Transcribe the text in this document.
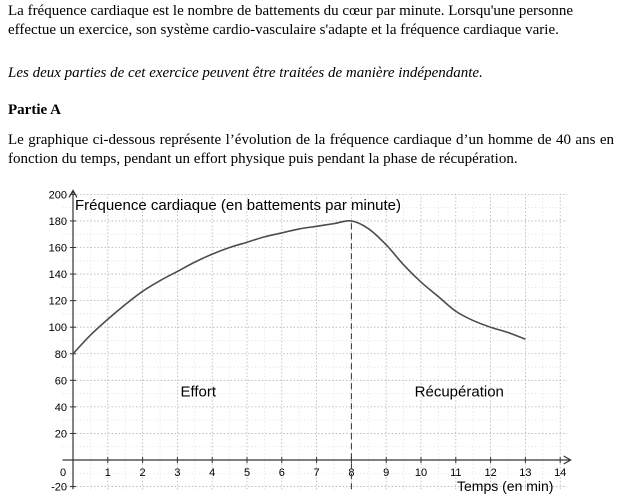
La fréquence cardiaque est le nombre de battements du cœur par minute. Lorsqu'une personne effectue un exercice, son système cardio-vasculaire s'adapte et la fréquence cardiaque varie.
Les deux parties de cet exercice peuvent être traitées de manière indépendante.
Partie A
Le graphique ci-dessous représente l’évolution de la fréquence cardiaque d’un homme de 40 ans en fonction du temps, pendant un effort physique puis pendant la phase de récupération.
0	1	2	3	4	5	6	7	8	9 10 11 12 13 14
-20
20
40
60
80
100
120
140
160
180
200
Fréquence cardiaque (en battements par minute)
Temps (en min)
Effort	Récupération
